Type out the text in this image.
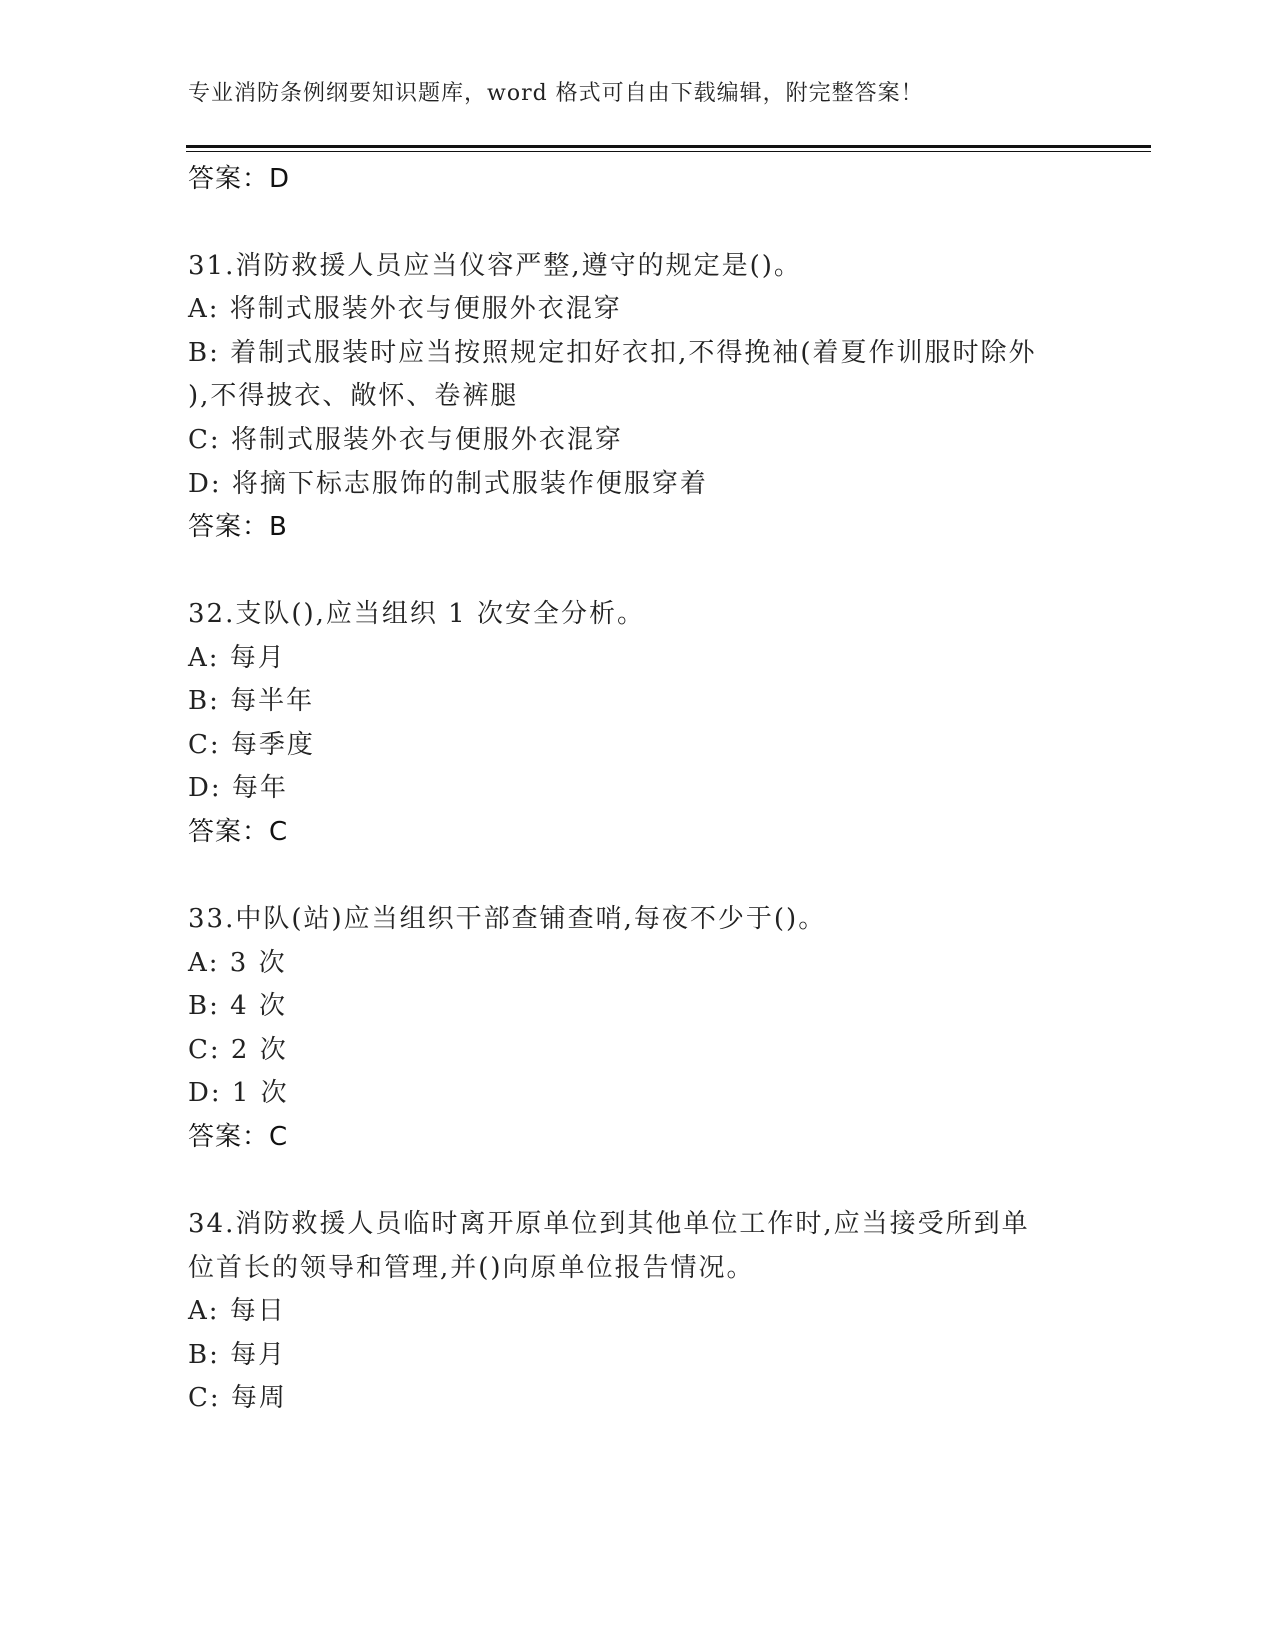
专业消防条例纲要知识题库，word 格式可自由下载编辑，附完整答案！
答案：D
31.消防救援人员应当仪容严整,遵守的规定是()。
A: 将制式服装外衣与便服外衣混穿
B: 着制式服装时应当按照规定扣好衣扣,不得挽袖(着夏作训服时除外
),不得披衣、敞怀、卷裤腿
C: 将制式服装外衣与便服外衣混穿
D: 将摘下标志服饰的制式服装作便服穿着
答案：B
32.支队(),应当组织 1 次安全分析。
A: 每月
B: 每半年
C: 每季度
D: 每年
答案：C
33.中队(站)应当组织干部查铺查哨,每夜不少于()。
A: 3 次
B: 4 次
C: 2 次
D: 1 次
答案：C
34.消防救援人员临时离开原单位到其他单位工作时,应当接受所到单
位首长的领导和管理,并()向原单位报告情况。
A: 每日
B: 每月
C: 每周
